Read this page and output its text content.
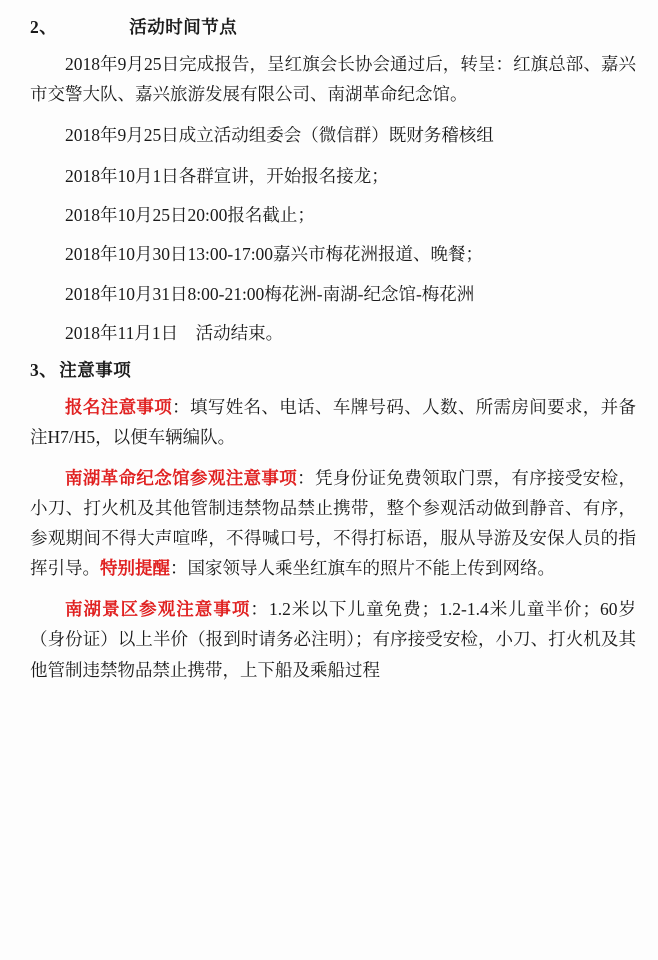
2、	活动时间节点

2018年9月25日完成报告，呈红旗会长协会通过后，转呈：红旗总部、嘉兴市交警大队、嘉兴旅游发展有限公司、南湖革命纪念馆。

2018年9月25日成立活动组委会（微信群）既财务稽核组

2018年10月1日各群宣讲，开始报名接龙；

2018年10月25日20:00报名截止；

2018年10月30日13:00-17:00嘉兴市梅花洲报道、晚餐；

2018年10月31日8:00-21:00梅花洲-南湖-纪念馆-梅花洲

2018年11月1日　活动结束。

3、 注意事项

报名注意事项：填写姓名、电话、车牌号码、人数、所需房间要求，并备注H7/H5，以便车辆编队。

南湖革命纪念馆参观注意事项：凭身份证免费领取门票，有序接受安检，小刀、打火机及其他管制违禁物品禁止携带，整个参观活动做到静音、有序，参观期间不得大声喧哗，不得喊口号，不得打标语，服从导游及安保人员的指挥引导。特别提醒：国家领导人乘坐红旗车的照片不能上传到网络。

南湖景区参观注意事项：1.2米以下儿童免费；1.2-1.4米儿童半价；60岁（身份证）以上半价（报到时请务必注明）；有序接受安检，小刀、打火机及其他管制违禁物品禁止携带，上下船及乘船过程
